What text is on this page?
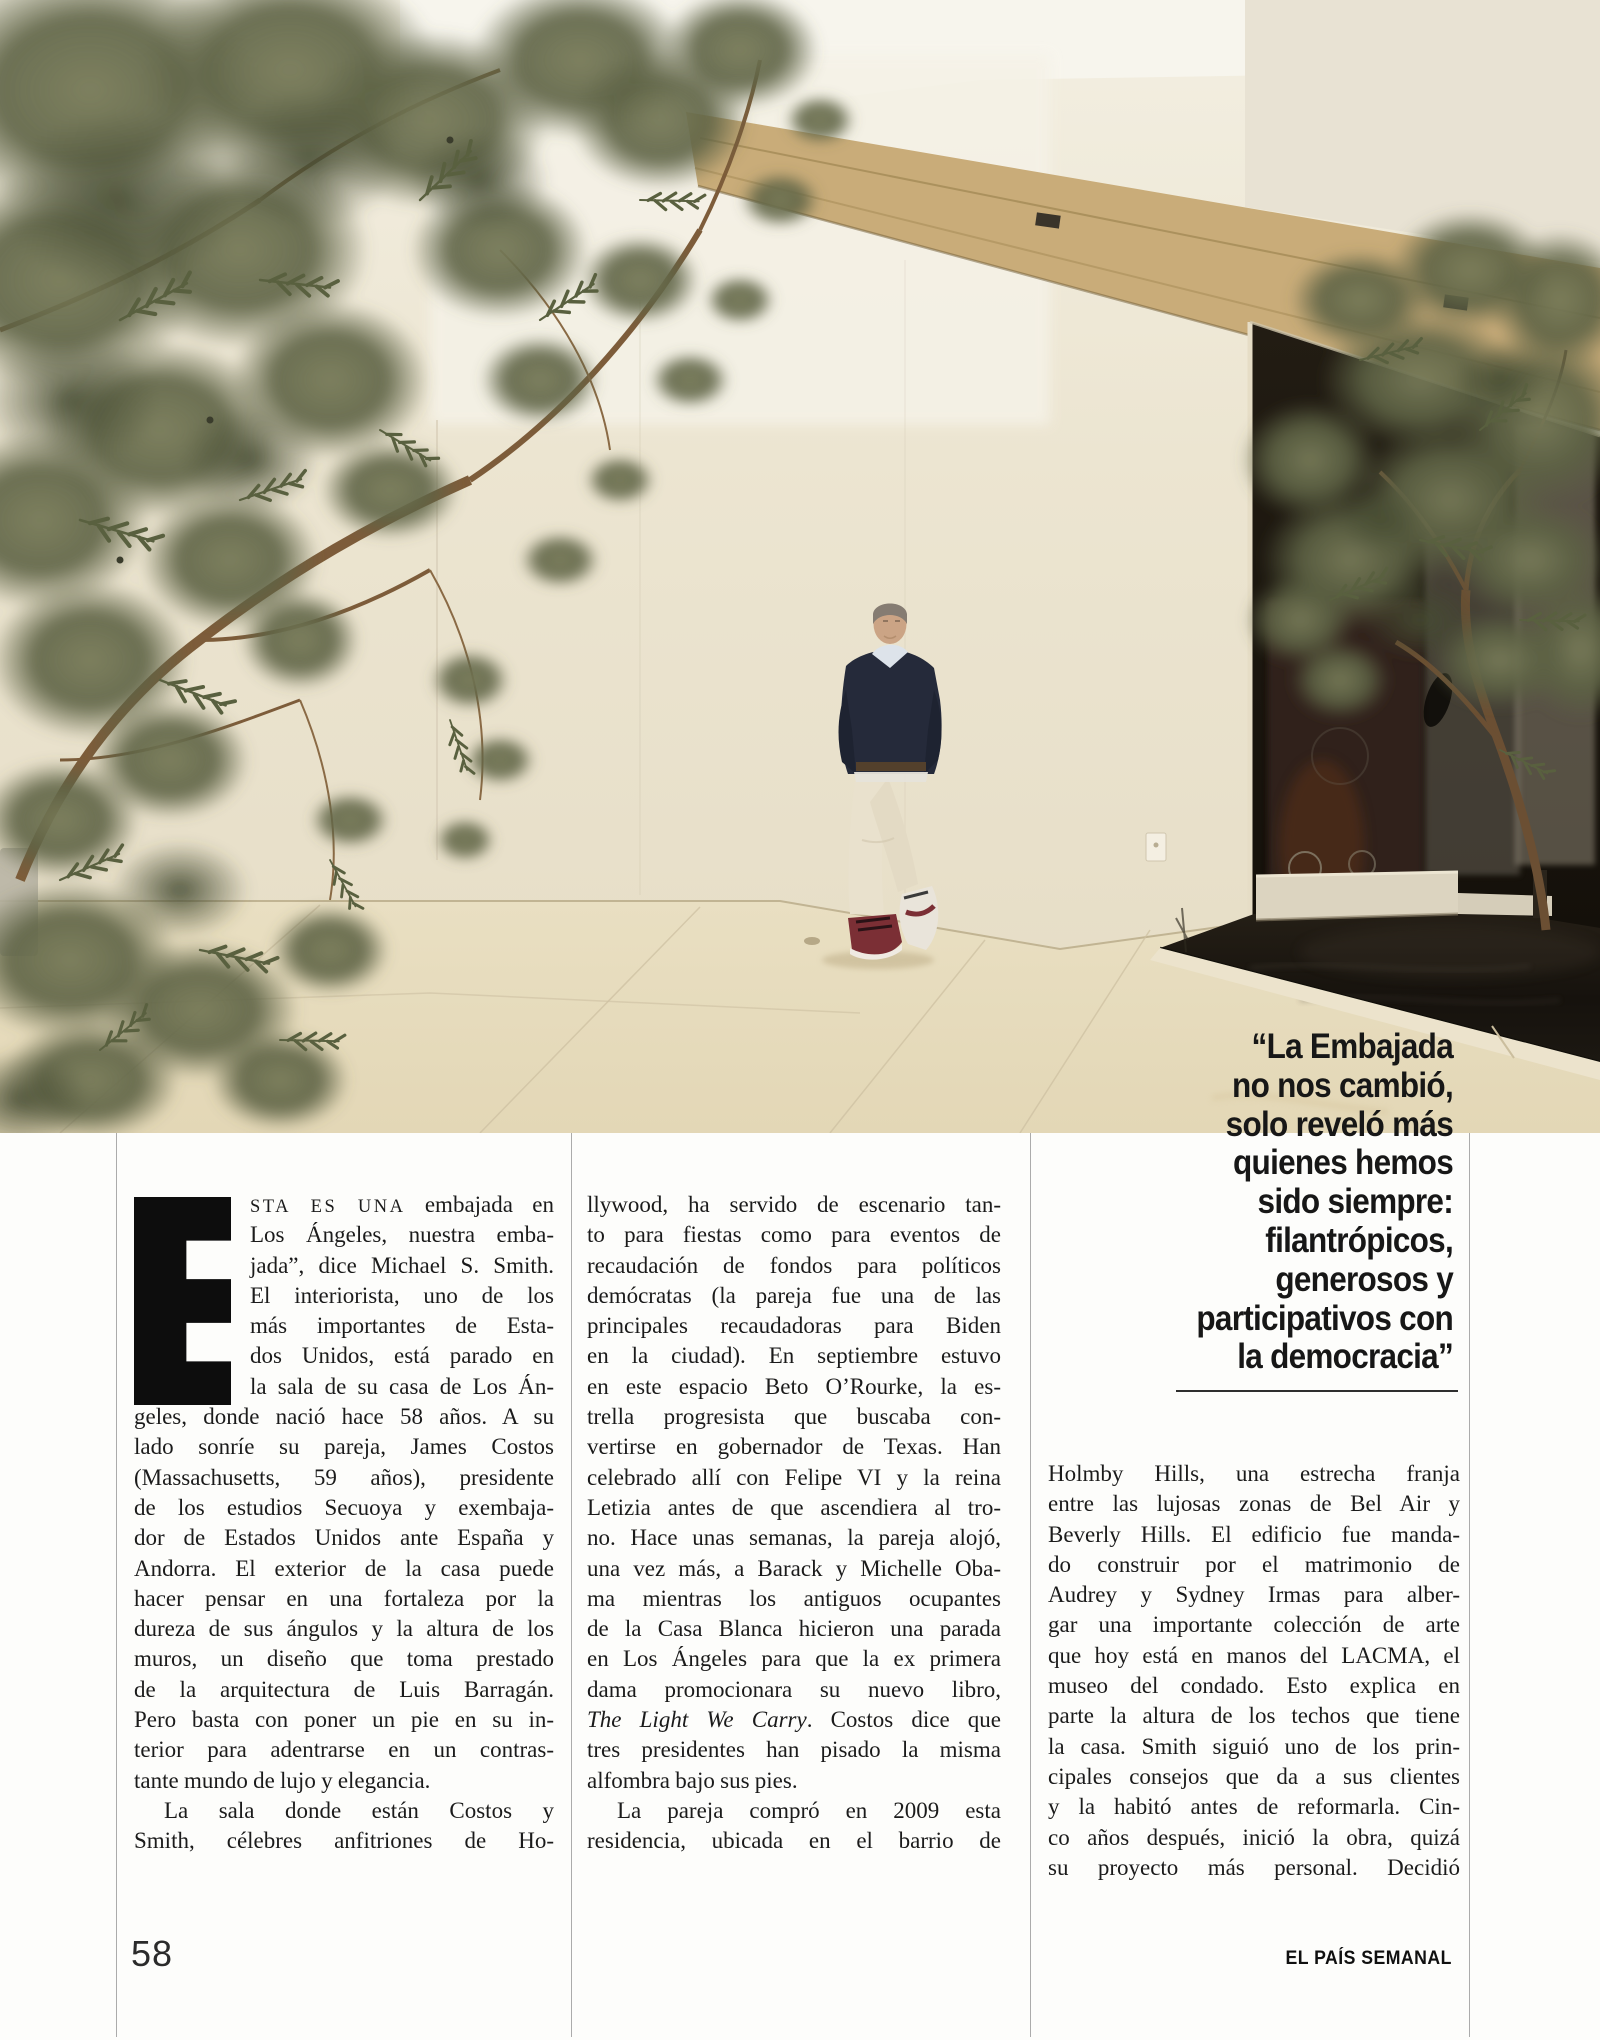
“La Embajada
no nos cambió,
solo reveló más
quienes hemos
sido siempre:
filantrópicos,
generosos y
participativos con
la democracia”
STA ES UNA embajada en
Los Ángeles, nuestra emba-
jada”, dice Michael S. Smith.
El interiorista, uno de los
más importantes de Esta-
dos Unidos, está parado en
la sala de su casa de Los Án-
geles, donde nació hace 58 años. A su
lado sonríe su pareja, James Costos
(Massachusetts, 59 años), presidente
de los estudios Secuoya y exembaja-
dor de Estados Unidos ante España y
Andorra. El exterior de la casa puede
hacer pensar en una fortaleza por la
dureza de sus ángulos y la altura de los
muros, un diseño que toma prestado
de la arquitectura de Luis Barragán.
Pero basta con poner un pie en su in-
terior para adentrarse en un contras-
tante mundo de lujo y elegancia.
La sala donde están Costos y
Smith, célebres anfitriones de Ho-
llywood, ha servido de escenario tan-
to para fiestas como para eventos de
recaudación de fondos para políticos
demócratas (la pareja fue una de las
principales recaudadoras para Biden
en la ciudad). En septiembre estuvo
en este espacio Beto O’Rourke, la es-
trella progresista que buscaba con-
vertirse en gobernador de Texas. Han
celebrado allí con Felipe VI y la reina
Letizia antes de que ascendiera al tro-
no. Hace unas semanas, la pareja alojó,
una vez más, a Barack y Michelle Oba-
ma mientras los antiguos ocupantes
de la Casa Blanca hicieron una parada
en Los Ángeles para que la ex primera
dama promocionara su nuevo libro,
The Light We Carry. Costos dice que
tres presidentes han pisado la misma
alfombra bajo sus pies.
La pareja compró en 2009 esta
residencia, ubicada en el barrio de
Holmby Hills, una estrecha franja
entre las lujosas zonas de Bel Air y
Beverly Hills. El edificio fue manda-
do construir por el matrimonio de
Audrey y Sydney Irmas para alber-
gar una importante colección de arte
que hoy está en manos del LACMA, el
museo del condado. Esto explica en
parte la altura de los techos que tiene
la casa. Smith siguió uno de los prin-
cipales consejos que da a sus clientes
y la habitó antes de reformarla. Cin-
co años después, inició la obra, quizá
su proyecto más personal. Decidió
58	EL PAÍS SEMANAL
